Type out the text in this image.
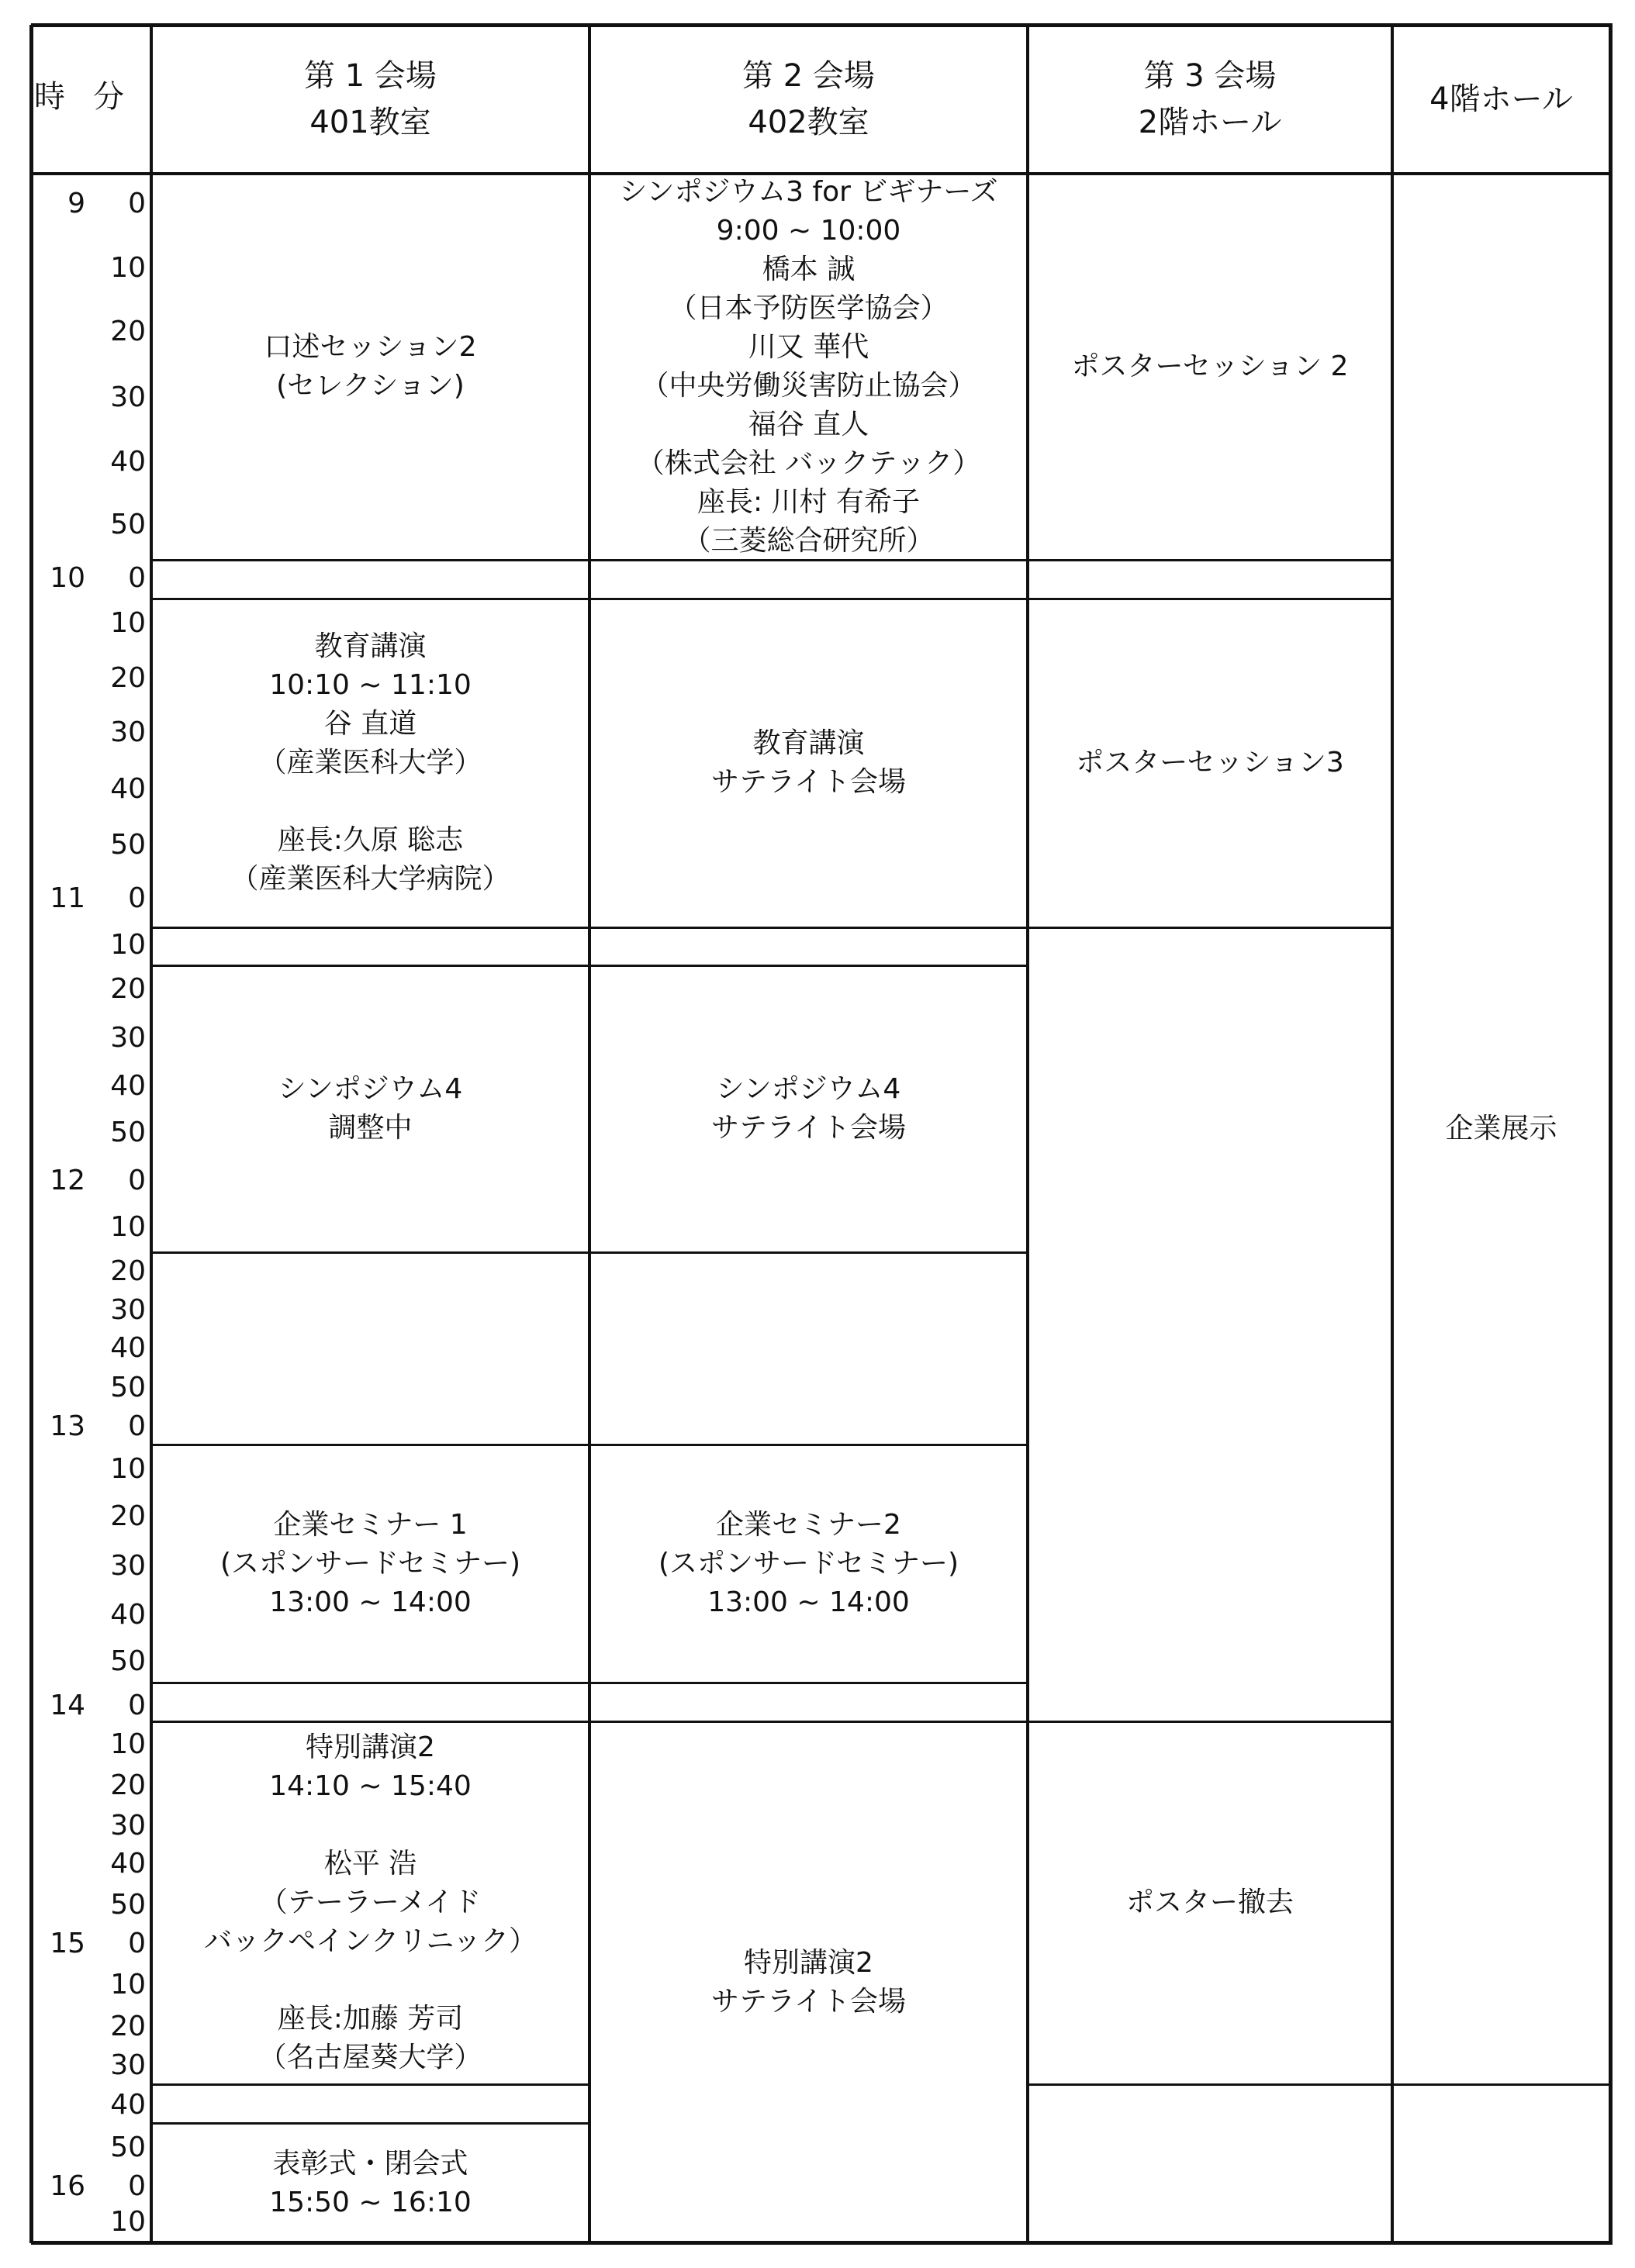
時 分
第 1 会場
401教室
第 2 会場
402教室
第 3 会場
2階ホール
4階ホール
0
10
20
30
40
50
0
10
20
30
40
50
0
10
20
30
40
50
0
10
20
30
40
50
0
10
20
30
40
50
0
10
20
30
40
50
0
10
20
30
40
50
0
10
9
10
11
12
13
14
15
16
口述セッション2
(セレクション)
教育講演
10:10 ~ 11:10
谷 直道
（産業医科大学）

座長:久原 聡志
（産業医科大学病院）
シンポジウム4
調整中
企業セミナー 1
(スポンサードセミナー)
13:00 ~ 14:00
特別講演2
14:10 ~ 15:40

松平 浩
（テーラーメイド
バックペインクリニック）

座長:加藤 芳司
（名古屋葵大学）
表彰式・閉会式
15:50 ~ 16:10
シンポジウム3 for ビギナーズ
9:00 ~ 10:00
橋本 誠
（日本予防医学協会）
川又 華代
（中央労働災害防止協会）
福谷 直人
（株式会社 バックテック）
座長: 川村 有希子
（三菱総合研究所）
教育講演
サテライト会場
シンポジウム4
サテライト会場
企業セミナー2
(スポンサードセミナー)
13:00 ~ 14:00
特別講演2
サテライト会場
ポスターセッション 2
ポスターセッション3
ポスター撤去
企業展示
